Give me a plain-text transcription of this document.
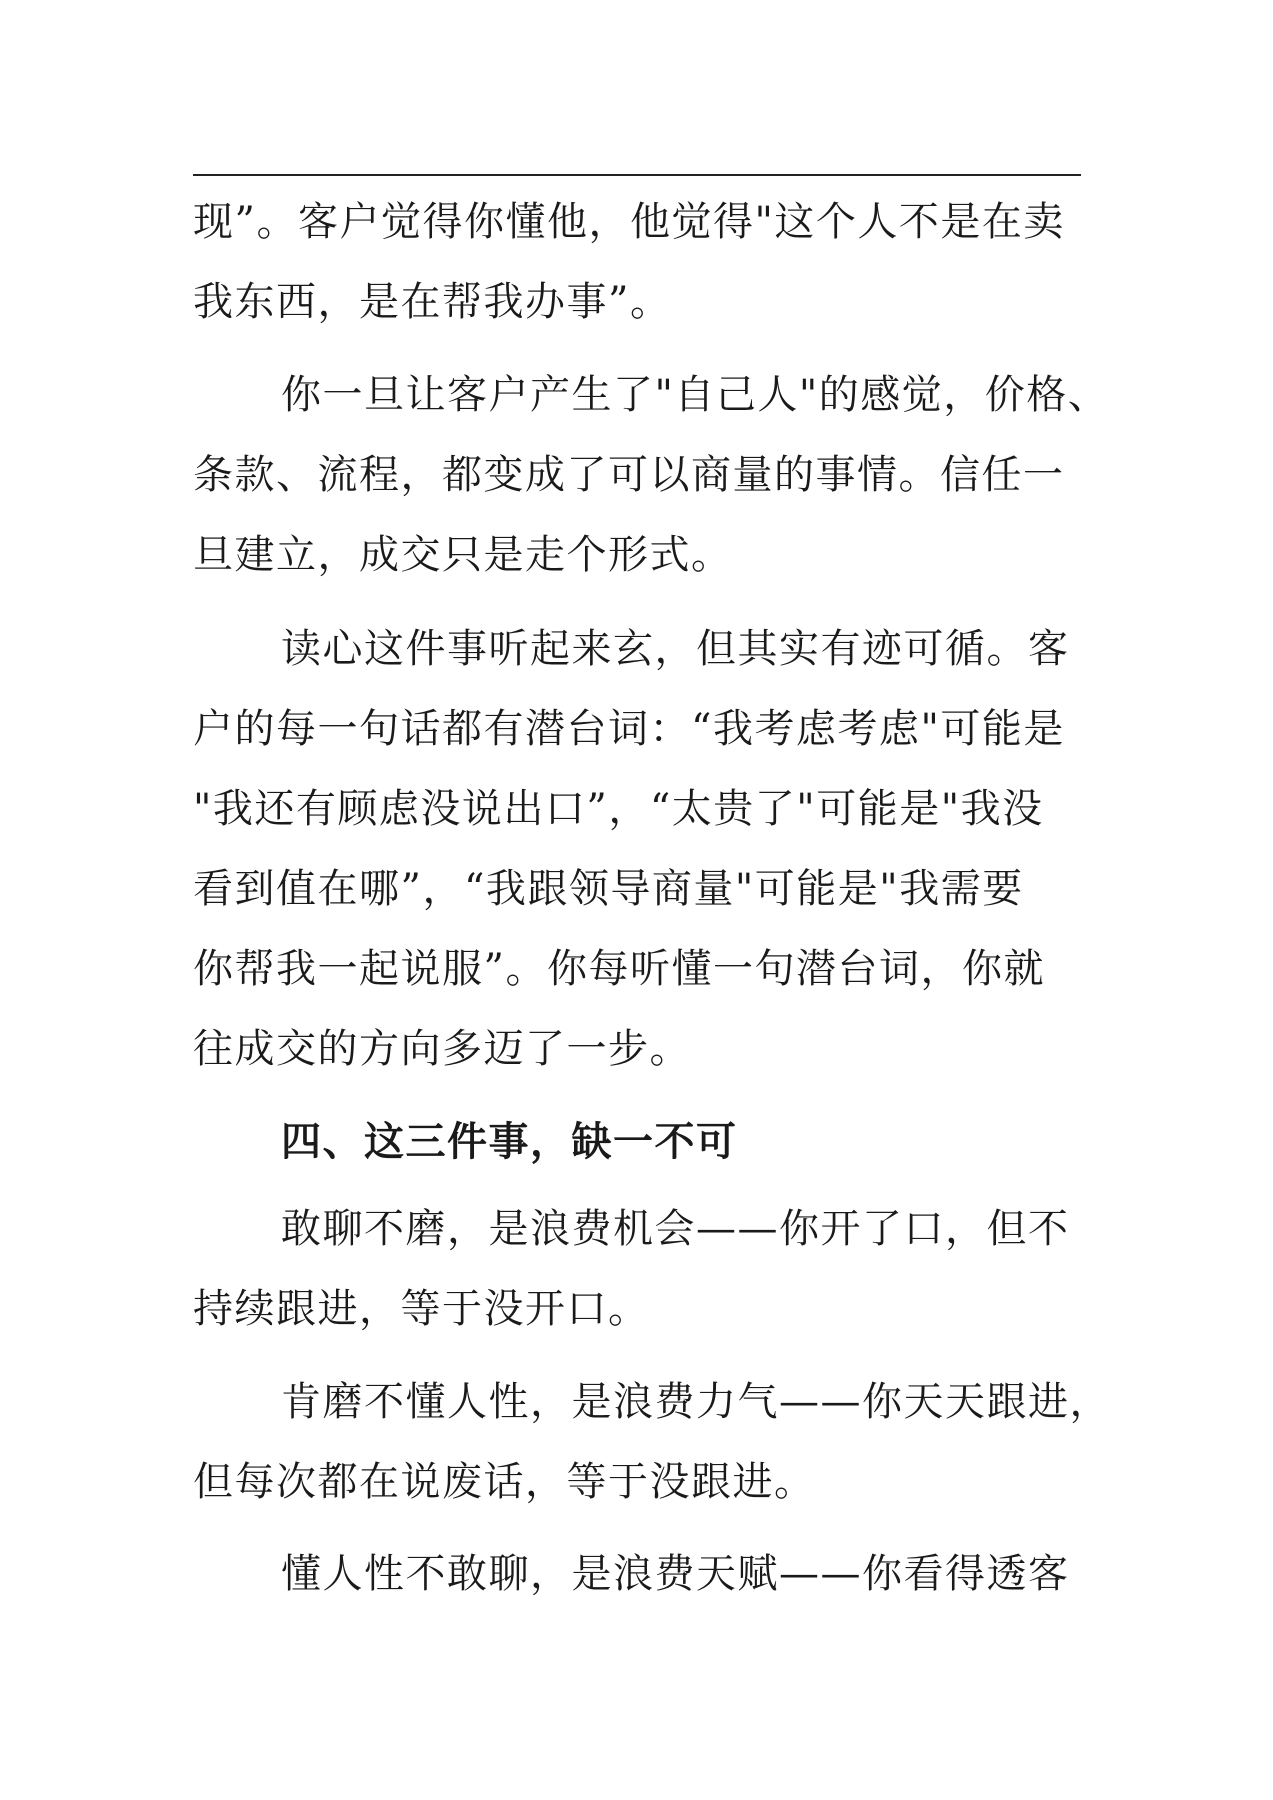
现”。客户觉得你懂他，他觉得"这个人不是在卖
我东西，是在帮我办事”。
你一旦让客户产生了"自己人"的感觉，价格、
条款、流程，都变成了可以商量的事情。信任一
旦建立，成交只是走个形式。
读心这件事听起来玄，但其实有迹可循。客
户的每一句话都有潜台词：“我考虑考虑"可能是
"我还有顾虑没说出口”，“太贵了"可能是"我没
看到值在哪”，“我跟领导商量"可能是"我需要
你帮我一起说服”。你每听懂一句潜台词，你就
往成交的方向多迈了一步。
四、这三件事，缺一不可
敢聊不磨，是浪费机会——你开了口，但不
持续跟进，等于没开口。
肯磨不懂人性，是浪费力气——你天天跟进，
但每次都在说废话，等于没跟进。
懂人性不敢聊，是浪费天赋——你看得透客
